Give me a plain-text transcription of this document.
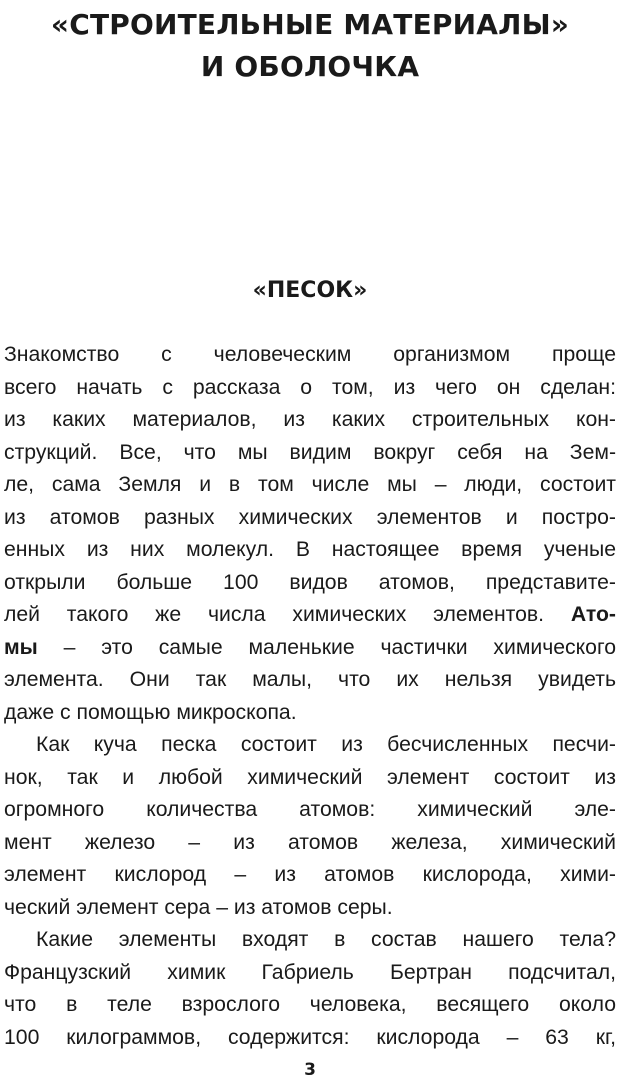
«СТРОИТЕЛЬНЫЕ МАТЕРИАЛЫ»
И ОБОЛОЧКА
«ПЕСОК»
Знакомство с человеческим организмом проще
всего начать с рассказа о том, из чего он сделан:
из каких материалов, из каких строительных кон-
струкций. Все, что мы видим вокруг себя на Зем-
ле, сама Земля и в том числе мы – люди, состоит
из атомов разных химических элементов и постро-
енных из них молекул. В настоящее время ученые
открыли больше 100 видов атомов, представите-
лей такого же числа химических элементов. Ато-
мы – это самые маленькие частички химического
элемента. Они так малы, что их нельзя увидеть
даже с помощью микроскопа.
Как куча песка состоит из бесчисленных песчи-
нок, так и любой химический элемент состоит из
огромного количества атомов: химический эле-
мент железо – из атомов железа, химический
элемент кислород – из атомов кислорода, хими-
ческий элемент сера – из атомов серы.
Какие элементы входят в состав нашего тела?
Французский химик Габриель Бертран подсчитал,
что в теле взрослого человека, весящего около
100 килограммов, содержится: кислорода – 63 кг,
3
